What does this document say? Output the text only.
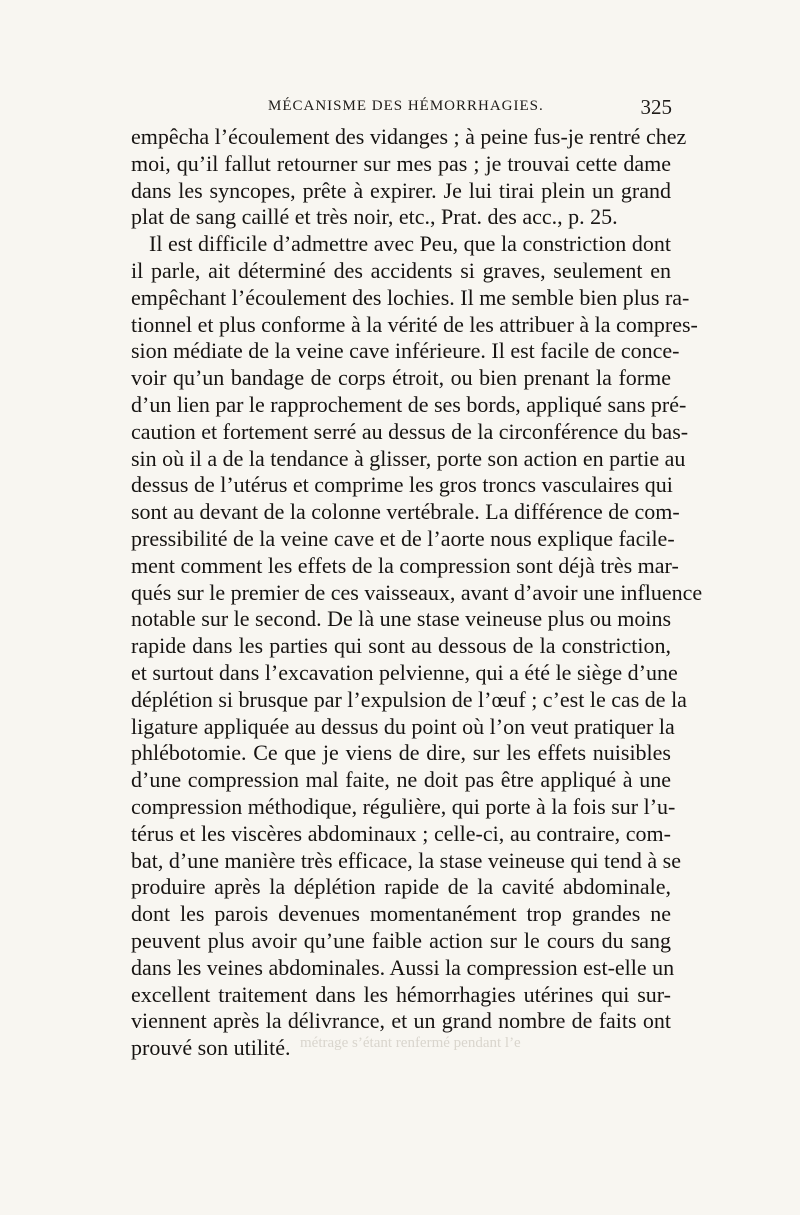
MÉCANISME DES HÉMORRHAGIES.	325
empêcha l’écoulement des vidanges ; à peine fus-je rentré chez
moi, qu’il fallut retourner sur mes pas ; je trouvai cette dame
dans les syncopes, prête à expirer. Je lui tirai plein un grand
plat de sang caillé et très noir, etc., Prat. des acc., p. 25.
Il est difficile d’admettre avec Peu, que la constriction dont
il parle, ait déterminé des accidents si graves, seulement en
empêchant l’écoulement des lochies. Il me semble bien plus ra-
tionnel et plus conforme à la vérité de les attribuer à la compres-
sion médiate de la veine cave inférieure. Il est facile de conce-
voir qu’un bandage de corps étroit, ou bien prenant la forme
d’un lien par le rapprochement de ses bords, appliqué sans pré-
caution et fortement serré au dessus de la circonférence du bas-
sin où il a de la tendance à glisser, porte son action en partie au
dessus de l’utérus et comprime les gros troncs vasculaires qui
sont au devant de la colonne vertébrale. La différence de com-
pressibilité de la veine cave et de l’aorte nous explique facile-
ment comment les effets de la compression sont déjà très mar-
qués sur le premier de ces vaisseaux, avant d’avoir une influence
notable sur le second. De là une stase veineuse plus ou moins
rapide dans les parties qui sont au dessous de la constriction,
et surtout dans l’excavation pelvienne, qui a été le siège d’une
déplétion si brusque par l’expulsion de l’œuf ; c’est le cas de la
ligature appliquée au dessus du point où l’on veut pratiquer la
phlébotomie. Ce que je viens de dire, sur les effets nuisibles
d’une compression mal faite, ne doit pas être appliqué à une
compression méthodique, régulière, qui porte à la fois sur l’u-
térus et les viscères abdominaux ; celle-ci, au contraire, com-
bat, d’une manière très efficace, la stase veineuse qui tend à se
produire après la déplétion rapide de la cavité abdominale,
dont les parois devenues momentanément trop grandes ne
peuvent plus avoir qu’une faible action sur le cours du sang
dans les veines abdominales. Aussi la compression est-elle un
excellent traitement dans les hémorrhagies utérines qui sur-
viennent après la délivrance, et un grand nombre de faits ont
prouvé son utilité. métrage s’étant renfermé pendant l’e
